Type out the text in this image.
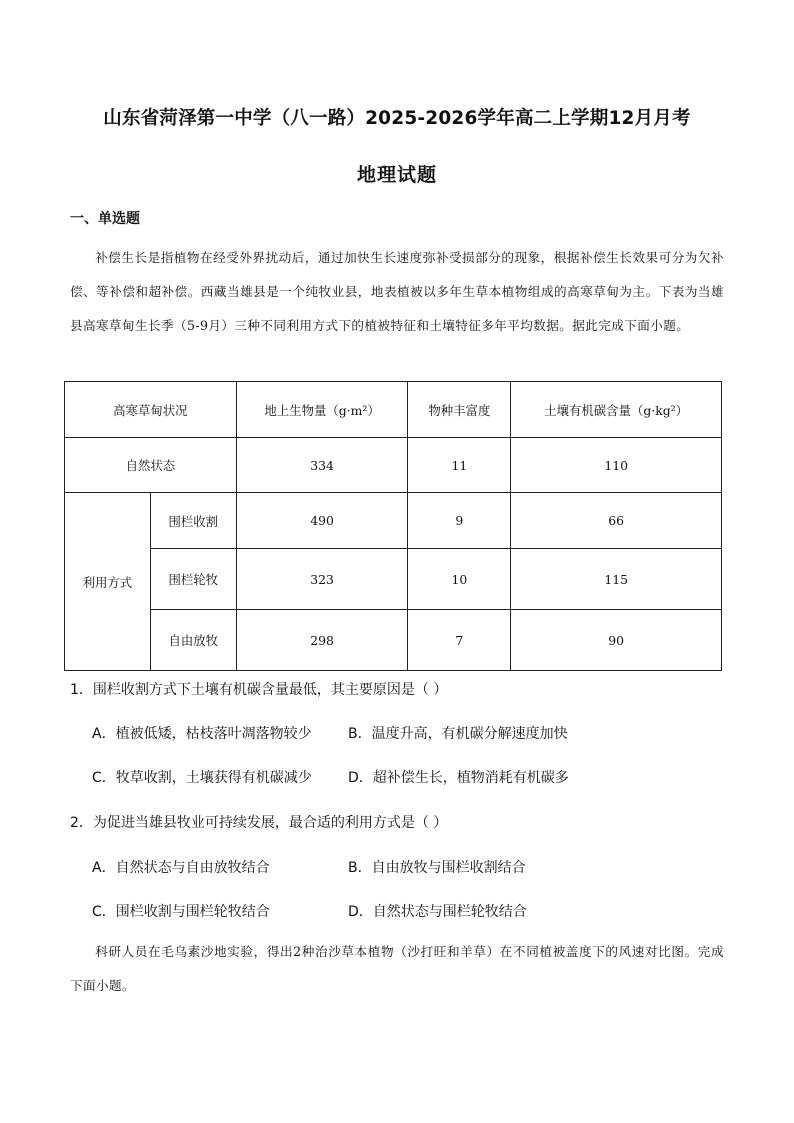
山东省菏泽第一中学（八一路）2025-2026学年高二上学期12月月考
地理试题
一、单选题
补偿生长是指植物在经受外界扰动后，通过加快生长速度弥补受损部分的现象，根据补偿生长效果可分为欠补偿、等补偿和超补偿。西藏当雄县是一个纯牧业县，地表植被以多年生草本植物组成的高寒草甸为主。下表为当雄县高寒草甸生长季（5-9月）三种不同利用方式下的植被特征和土壤特征多年平均数据。据此完成下面小题。
高寒草甸状况		地上生物量（g·m²）	物种丰富度	土壤有机碳含量（g·kg²）
自然状态		334	11	110
利用方式	围栏收割	490	9	66
	围栏轮牧	323	10	115
	自由放牧	298	7	90
1．围栏收割方式下土壤有机碳含量最低，其主要原因是（ ）
A．植被低矮，枯枝落叶凋落物较少	B．温度升高，有机碳分解速度加快
C．牧草收割，土壤获得有机碳减少	D．超补偿生长，植物消耗有机碳多
2．为促进当雄县牧业可持续发展，最合适的利用方式是（ ）
A．自然状态与自由放牧结合	B．自由放牧与围栏收割结合
C．围栏收割与围栏轮牧结合	D．自然状态与围栏轮牧结合
科研人员在毛乌素沙地实验，得出2种治沙草本植物（沙打旺和羊草）在不同植被盖度下的风速对比图。完成下面小题。
